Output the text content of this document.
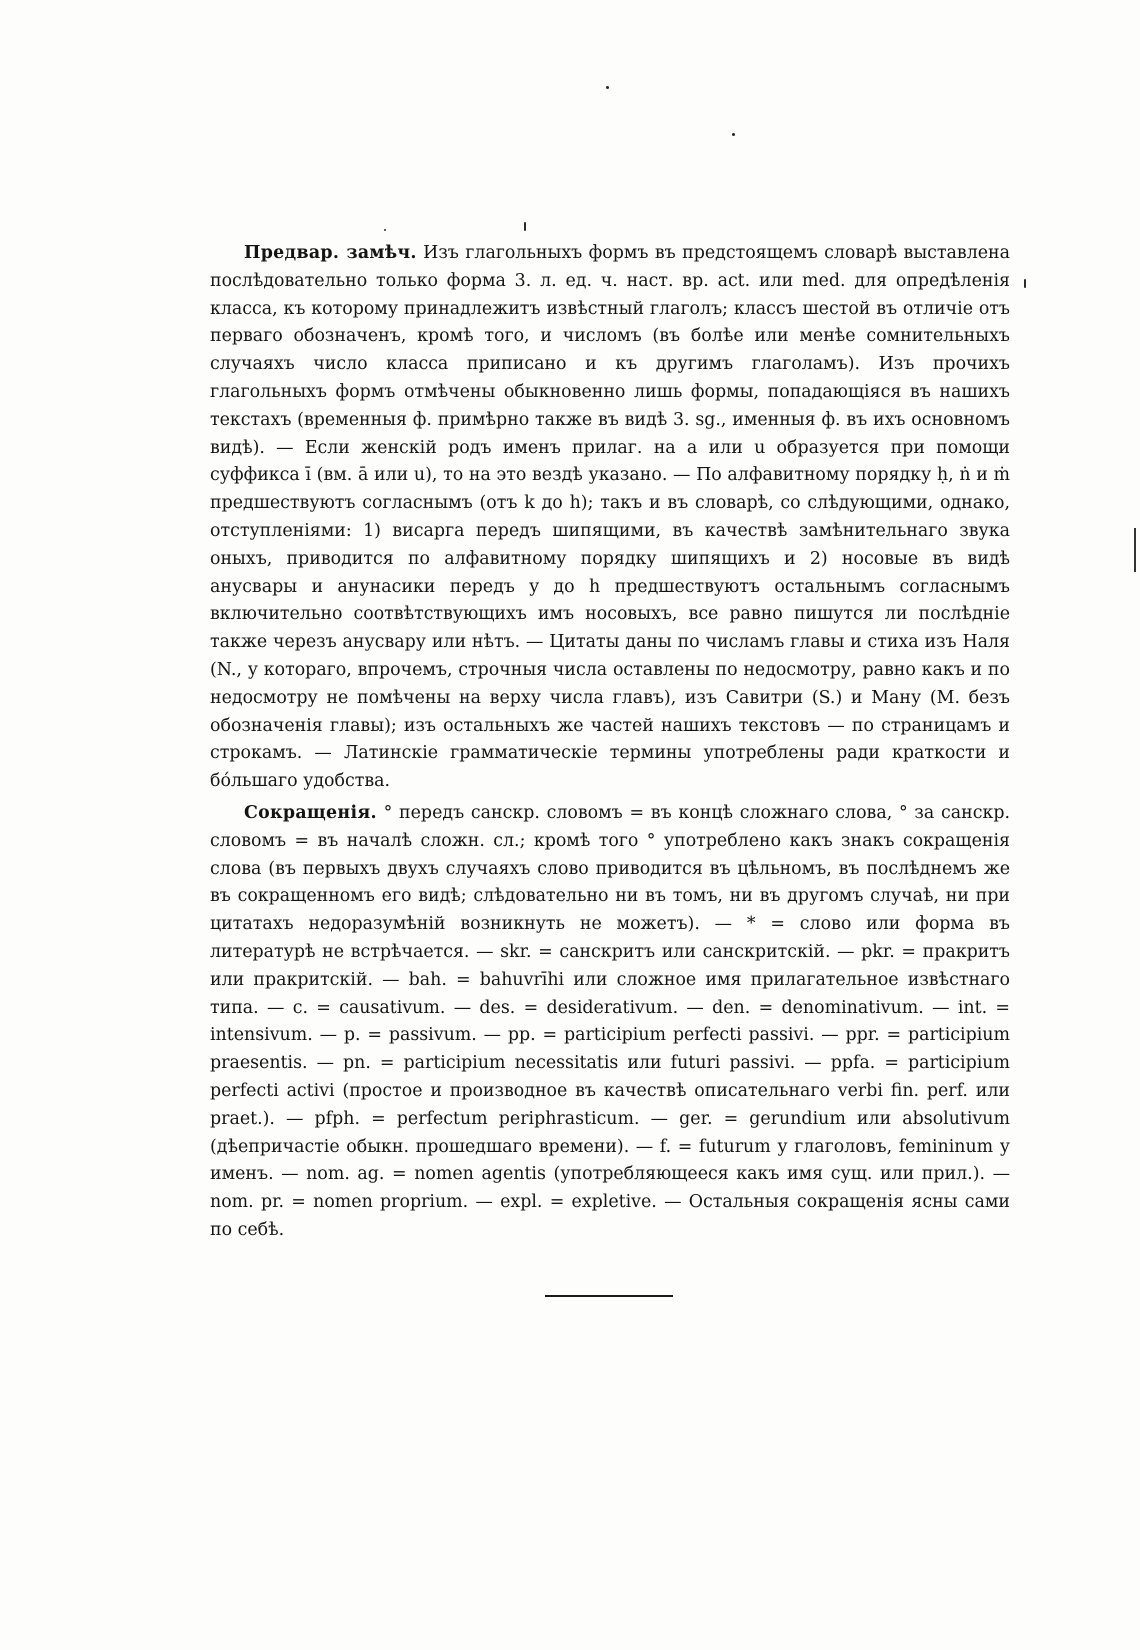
Предвар. замѣч. Изъ глагольныхъ формъ въ предстоящемъ словарѣ выставлена послѣдовательно только форма 3. л. ед. ч. наст. вр. act. или med. для опредѣленія класса, къ которому принадлежитъ извѣстный глаголъ; классъ шестой въ отличіе отъ перваго обозначенъ, кромѣ того, и числомъ (въ болѣе или менѣе сомнительныхъ случаяхъ число класса приписано и къ другимъ глаголамъ). Изъ прочихъ глагольныхъ формъ отмѣчены обыкновенно лишь формы, попадающіяся въ нашихъ текстахъ (временныя ф. примѣрно также въ видѣ 3. sg., именныя ф. въ ихъ основномъ видѣ). — Если женскій родъ именъ прилаг. на a или u образуется при помощи суффикса ī (вм. ā или u), то на это вездѣ указано. — По алфавитному порядку ḥ, ṅ и ṁ предшествуютъ согласнымъ (отъ k до h); такъ и въ словарѣ, со слѣдующими, однако, отступленіями: 1) висарга передъ шипящими, въ качествѣ замѣнительнаго звука оныхъ, приводится по алфавитному порядку шипящихъ и 2) носовые въ видѣ анусвары и анунасики передъ y до h предшествуютъ остальнымъ согласнымъ включительно соотвѣтствующихъ имъ носовыхъ, все равно пишутся ли послѣдніе также черезъ анусвару или нѣтъ. — Цитаты даны по числамъ главы и стиха изъ Наля (N., у котораго, впрочемъ, строчныя числа оставлены по недосмотру, равно какъ и по недосмотру не помѣчены на верху числа главъ), изъ Савитри (S.) и Ману (M. безъ обозначенія главы); изъ остальныхъ же частей нашихъ текстовъ — по страницамъ и строкамъ. — Латинскіе грамматическіе термины употреблены ради краткости и бóльшаго удобства.

Сокращенія. ° передъ санскр. словомъ = въ концѣ сложнаго слова, ° за санскр. словомъ = въ началѣ сложн. сл.; кромѣ того ° употреблено какъ знакъ сокращенія слова (въ первыхъ двухъ случаяхъ слово приводится въ цѣльномъ, въ послѣднемъ же въ сокращенномъ его видѣ; слѣдовательно ни въ томъ, ни въ другомъ случаѣ, ни при цитатахъ недоразумѣній возникнуть не можетъ). — * = слово или форма въ литературѣ не встрѣчается. — skr. = санскритъ или санскритскій. — pkr. = пракритъ или пракритскій. — bah. = bahuvrīhi или сложное имя прилагательное извѣстнаго типа. — c. = causativum. — des. = desiderativum. — den. = denominativum. — int. = intensivum. — p. = passivum. — pp. = participium perfecti passivi. — ppr. = participium praesentis. — pn. = participium necessitatis или futuri passivi. — ppfa. = participium perfecti activi (простое и производное въ качествѣ описательнаго verbi fin. perf. или praet.). — pfph. = perfectum periphrasticum. — ger. = gerundium или absolutivum (дѣепричастіе обыкн. прошедшаго времени). — f. = futurum у глаголовъ, femininum у именъ. — nom. ag. = nomen agentis (употребляющееся какъ имя сущ. или прил.). — nom. pr. = nomen proprium. — expl. = expletive. — Остальныя сокращенія ясны сами по себѣ.
